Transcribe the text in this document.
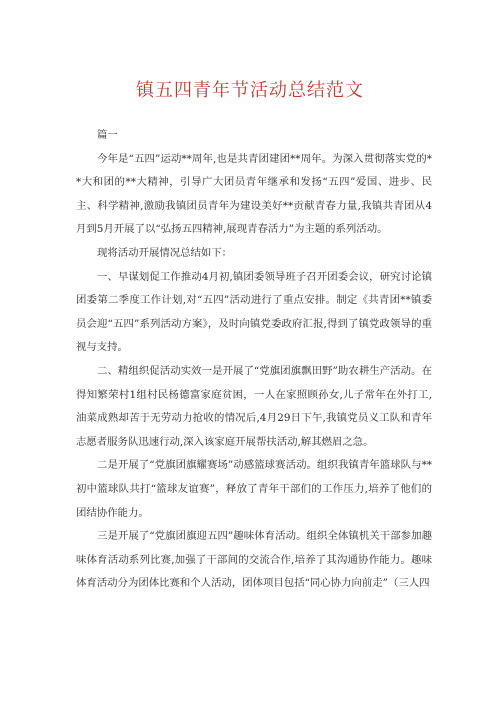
镇五四青年节活动总结范文

篇一

今年是“五四”运动**周年,也是共青团建团**周年。为深入贯彻落实党的**大和团的**大精神，引导广大团员青年继承和发扬“五四”爱国、进步、民主、科学精神,激励我镇团员青年为建设美好**贡献青春力量,我镇共青团从4月到5月开展了以“弘扬五四精神,展现青春活力”为主题的系列活动。

现将活动开展情况总结如下：

一、早谋划促工作推动4月初,镇团委领导班子召开团委会议，研究讨论镇团委第二季度工作计划,对“五四”活动进行了重点安排。制定《共青团**镇委员会迎“五四”系列活动方案》，及时向镇党委政府汇报,得到了镇党政领导的重视与支持。

二、精组织促活动实效一是开展了“党旗团旗飘田野”助农耕生产活动。在得知繁荣村1组村民杨德富家庭贫困，一人在家照顾孙女,儿子常年在外打工,油菜成熟却苦于无劳动力抢收的情况后,4月29日下午,我镇党员义工队和青年志愿者服务队迅速行动,深入该家庭开展帮扶活动,解其燃眉之急。

二是开展了“党旗团旗耀赛场”动感篮球赛活动。组织我镇青年篮球队与**初中篮球队共打“篮球友谊赛”，释放了青年干部们的工作压力,培养了他们的团结协作能力。

三是开展了“党旗团旗迎五四”趣味体育活动。组织全体镇机关干部参加趣味体育活动系列比赛,加强了干部间的交流合作,培养了其沟通协作能力。趣味体育活动分为团体比赛和个人活动，团体项目包括“同心协力向前走”（三人四
